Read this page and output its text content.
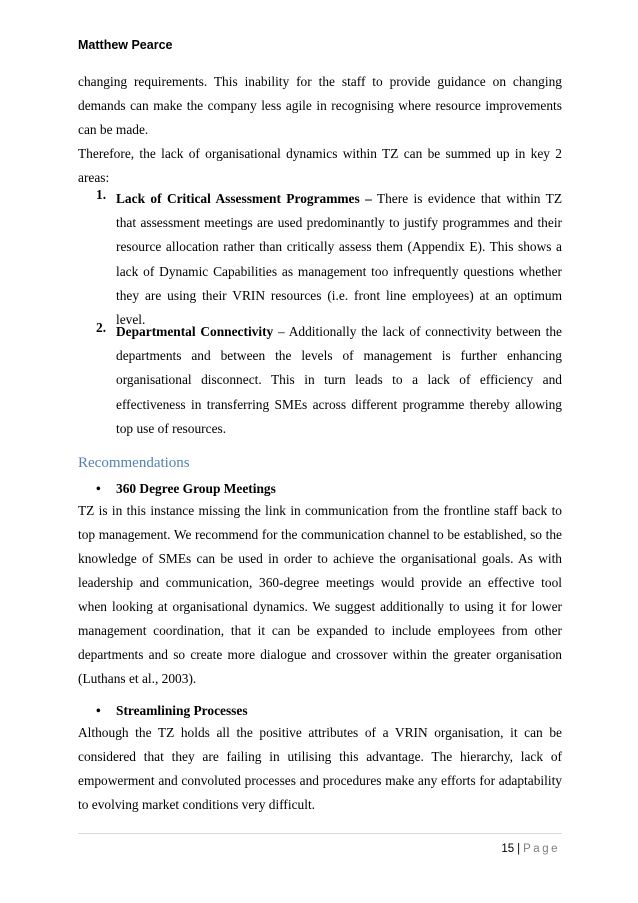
Matthew Pearce

changing requirements. This inability for the staff to provide guidance on changing demands can make the company less agile in recognising where resource improvements can be made.

Therefore, the lack of organisational dynamics within TZ can be summed up in key 2 areas:

1. Lack of Critical Assessment Programmes – There is evidence that within TZ that assessment meetings are used predominantly to justify programmes and their resource allocation rather than critically assess them (Appendix E). This shows a lack of Dynamic Capabilities as management too infrequently questions whether they are using their VRIN resources (i.e. front line employees) at an optimum level.
2. Departmental Connectivity – Additionally the lack of connectivity between the departments and between the levels of management is further enhancing organisational disconnect. This in turn leads to a lack of efficiency and effectiveness in transferring SMEs across different programme thereby allowing top use of resources.
Recommendations
• 360 Degree Group Meetings

TZ is in this instance missing the link in communication from the frontline staff back to top management. We recommend for the communication channel to be established, so the knowledge of SMEs can be used in order to achieve the organisational goals. As with leadership and communication, 360-degree meetings would provide an effective tool when looking at organisational dynamics. We suggest additionally to using it for lower management coordination, that it can be expanded to include employees from other departments and so create more dialogue and crossover within the greater organisation (Luthans et al., 2003).

• Streamlining Processes

Although the TZ holds all the positive attributes of a VRIN organisation, it can be considered that they are failing in utilising this advantage. The hierarchy, lack of empowerment and convoluted processes and procedures make any efforts for adaptability to evolving market conditions very difficult.

15 | Page
